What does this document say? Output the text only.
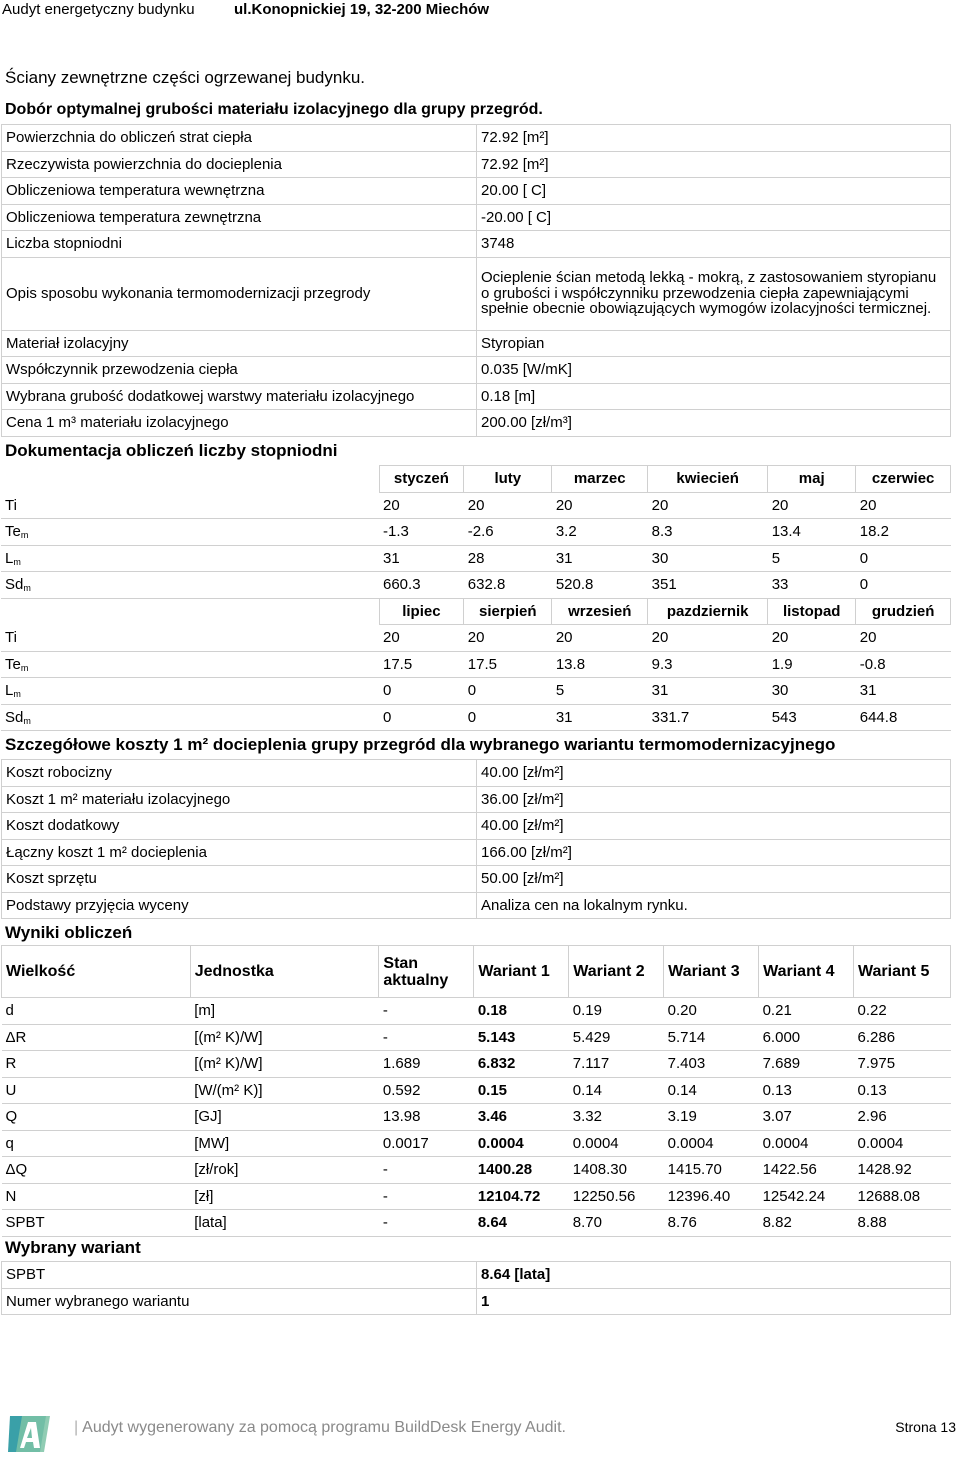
Audyt energetyczny budynku	ul.Konopnickiej 19, 32-200 Miechów
Ściany zewnętrzne części ogrzewanej budynku.
Dobór optymalnej grubości materiału izolacyjnego dla grupy przegród.
Powierzchnia do obliczeń strat ciepła	72.92 [m²]
Rzeczywista powierzchnia do docieplenia	72.92 [m²]
Obliczeniowa temperatura wewnętrzna	20.00 [ C]
Obliczeniowa temperatura zewnętrzna	-20.00 [ C]
Liczba stopniodni	3748
Opis sposobu wykonania termomodernizacji przegrody	Ocieplenie ścian metodą lekką - mokrą, z zastosowaniem styropianu o grubości i współczynniku przewodzenia ciepła zapewniającymi spełnie obecnie obowiązujących wymogów izolacyjności termicznej.
Materiał izolacyjny	Styropian
Współczynnik przewodzenia ciepła	0.035 [W/mK]
Wybrana grubość dodatkowej warstwy materiału izolacyjnego	0.18 [m]
Cena 1 m³ materiału izolacyjnego	200.00 [zł/m³]
Dokumentacja obliczeń liczby stopniodni
	styczeń	luty	marzec	kwiecień	maj	czerwiec
Ti	20	20	20	20	20	20
$Te_m$	-1.3	-2.6	3.2	8.3	13.4	18.2
$L_m$	31	28	31	30	5	0
$Sd_m$	660.3	632.8	520.8	351	33	0
	lipiec	sierpień	wrzesień	pazdziernik	listopad	grudzień
Ti	20	20	20	20	20	20
$Te_m$	17.5	17.5	13.8	9.3	1.9	-0.8
$L_m$	0	0	5	31	30	31
$Sd_m$	0	0	31	331.7	543	644.8
Szczegółowe koszty 1 m² docieplenia grupy przegród dla wybranego wariantu termomodernizacyjnego
Koszt robocizny	40.00 [zł/m²]
Koszt 1 m² materiału izolacyjnego	36.00 [zł/m²]
Koszt dodatkowy	40.00 [zł/m²]
Łączny koszt 1 m² docieplenia	166.00 [zł/m²]
Koszt sprzętu	50.00 [zł/m²]
Podstawy przyjęcia wyceny	Analiza cen na lokalnym rynku.
Wyniki obliczeń
Wielkość	Jednostka	Stan aktualny	Wariant 1	Wariant 2	Wariant 3	Wariant 4	Wariant 5
d	[m]	-	0.18	0.19	0.20	0.21	0.22
ΔR	[(m² K)/W]	-	5.143	5.429	5.714	6.000	6.286
R	[(m² K)/W]	1.689	6.832	7.117	7.403	7.689	7.975
U	[W/(m² K)]	0.592	0.15	0.14	0.14	0.13	0.13
Q	[GJ]	13.98	3.46	3.32	3.19	3.07	2.96
q	[MW]	0.0017	0.0004	0.0004	0.0004	0.0004	0.0004
ΔQ	[zł/rok]	-	1400.28	1408.30	1415.70	1422.56	1428.92
N	[zł]	-	12104.72	12250.56	12396.40	12542.24	12688.08
SPBT	[lata]	-	8.64	8.70	8.76	8.82	8.88
Wybrany wariant
SPBT	8.64 [lata]
Numer wybranego wariantu	1
| Audyt wygenerowany za pomocą programu BuildDesk Energy Audit.	Strona 13
